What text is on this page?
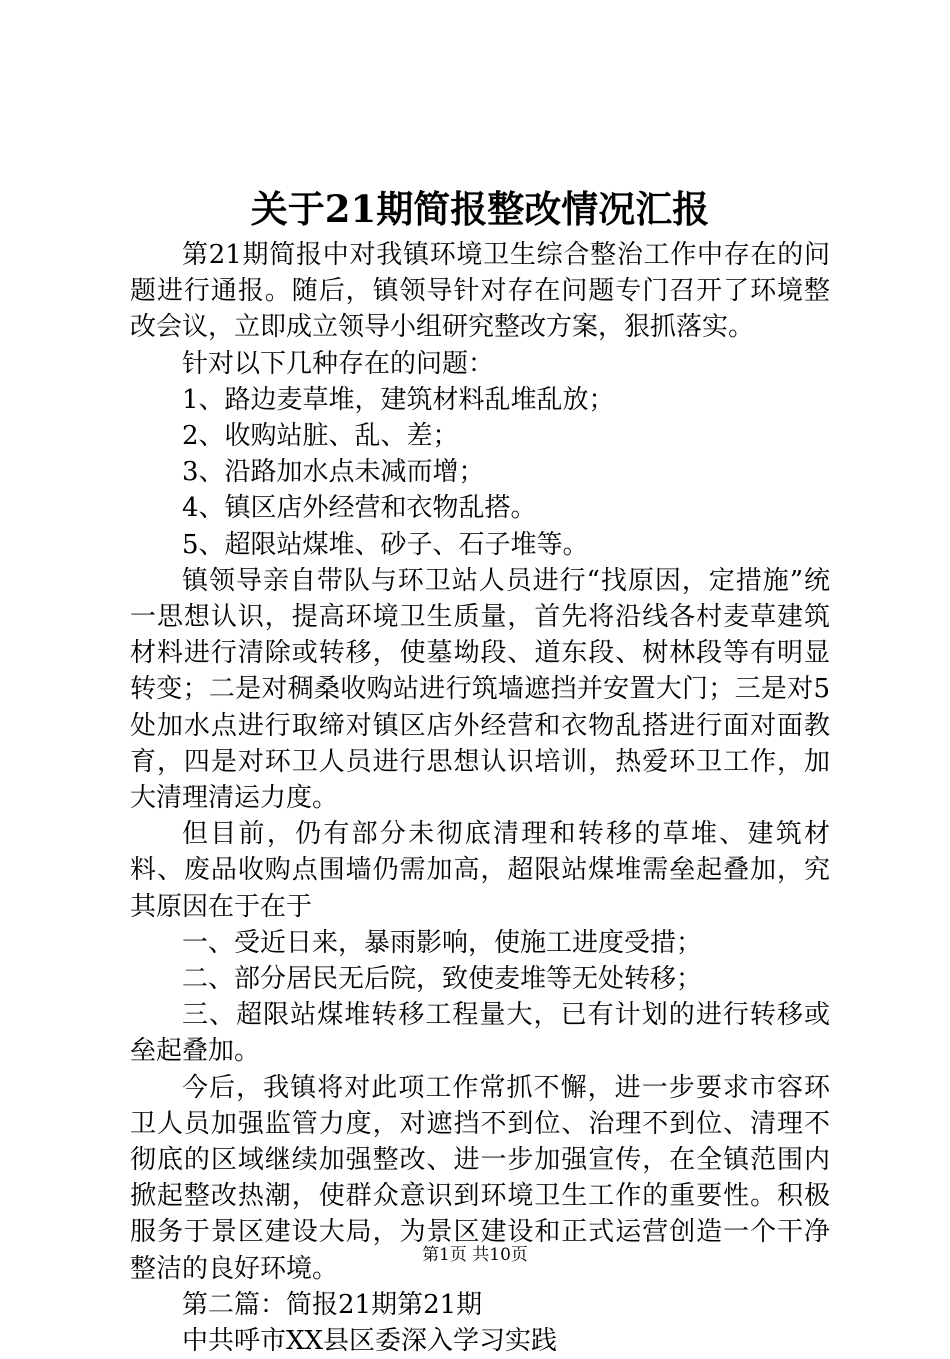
关于21期简报整改情况汇报

第21期简报中对我镇环境卫生综合整治工作中存在的问题进行通报。随后，镇领导针对存在问题专门召开了环境整改会议，立即成立领导小组研究整改方案，狠抓落实。

针对以下几种存在的问题：

1、路边麦草堆，建筑材料乱堆乱放；

2、收购站脏、乱、差；

3、沿路加水点未减而增；

4、镇区店外经营和衣物乱搭。

5、超限站煤堆、砂子、石子堆等。

镇领导亲自带队与环卫站人员进行“找原因，定措施”统一思想认识，提高环境卫生质量，首先将沿线各村麦草建筑材料进行清除或转移，使墓坳段、道东段、树林段等有明显转变；二是对稠桑收购站进行筑墙遮挡并安置大门；三是对5处加水点进行取缔对镇区店外经营和衣物乱搭进行面对面教育，四是对环卫人员进行思想认识培训，热爱环卫工作，加大清理清运力度。

但目前，仍有部分未彻底清理和转移的草堆、建筑材料、废品收购点围墙仍需加高，超限站煤堆需垒起叠加，究其原因在于在于

一、受近日来，暴雨影响，使施工进度受措；

二、部分居民无后院，致使麦堆等无处转移；

三、超限站煤堆转移工程量大，已有计划的进行转移或垒起叠加。

今后，我镇将对此项工作常抓不懈，进一步要求市容环卫人员加强监管力度，对遮挡不到位、治理不到位、清理不彻底的区域继续加强整改、进一步加强宣传，在全镇范围内掀起整改热潮，使群众意识到环境卫生工作的重要性。积极服务于景区建设大局，为景区建设和正式运营创造一个干净整洁的良好环境。

第二篇：简报21期第21期

中共呼市XX县区委深入学习实践

第1页 共10页
